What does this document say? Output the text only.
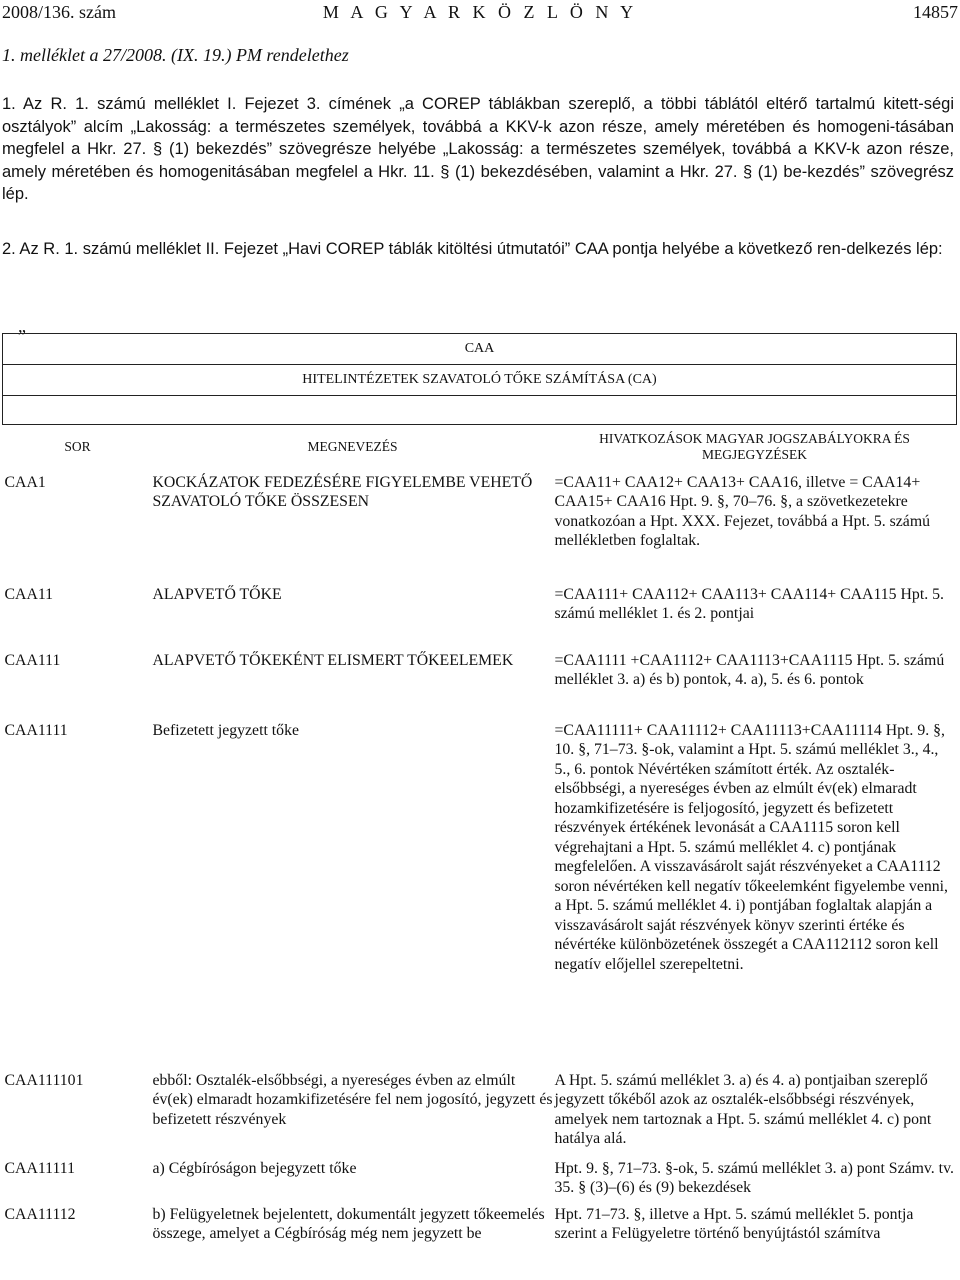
2008/136. szám	M A G Y A R K Ö Z L Ö N Y	14857
1. melléklet a 27/2008. (IX. 19.) PM rendelethez
1. Az R. 1. számú melléklet I. Fejezet 3. címének „a COREP táblákban szereplő, a többi táblától eltérő tartalmú kitett-ségi osztályok” alcím „Lakosság: a természetes személyek, továbbá a KKV-k azon része, amely méretében és homogeni-tásában megfelel a Hkr. 27. § (1) bekezdés” szövegrésze helyébe „Lakosság: a természetes személyek, továbbá a KKV-k azon része, amely méretében és homogenitásában megfelel a Hkr. 11. § (1) bekezdésében, valamint a Hkr. 27. § (1) be-kezdés” szövegrész lép.
2. Az R. 1. számú melléklet II. Fejezet „Havi COREP táblák kitöltési útmutatói” CAA pontja helyébe a következő ren-delkezés lép:
„
CAA		
HITELINTÉZETEK SZAVATOLÓ TŐKE SZÁMÍTÁSA (CA)		

SOR	MEGNEVEZÉS	HIVATKOZÁSOK MAGYAR JOGSZABÁLYOKRA ÉS MEGJEGYZÉSEK
CAA1	KOCKÁZATOK FEDEZÉSÉRE FIGYELEMBE VEHETŐ SZAVATOLÓ TŐKE ÖSSZESEN	=CAA11+ CAA12+ CAA13+ CAA16, illetve = CAA14+ CAA15+ CAA16 Hpt. 9. §, 70–76. §, a szövetkezetekre vonatkozóan a Hpt. XXX. Fejezet, továbbá a Hpt. 5. számú mellékletben foglaltak.
CAA11	ALAPVETŐ TŐKE	=CAA111+ CAA112+ CAA113+ CAA114+ CAA115 Hpt. 5. számú melléklet 1. és 2. pontjai
CAA111	ALAPVETŐ TŐKEKÉNT ELISMERT TŐKEELEMEK	=CAA1111 +CAA1112+ CAA1113+CAA1115 Hpt. 5. számú melléklet 3. a) és b) pontok, 4. a), 5. és 6. pontok
CAA1111	Befizetett jegyzett tőke	=CAA11111+ CAA11112+ CAA11113+CAA11114 Hpt. 9. §, 10. §, 71–73. §-ok, valamint a Hpt. 5. számú melléklet 3., 4., 5., 6. pontok Névértéken számított érték. Az osztalék-elsőbbségi, a nyereséges évben az elmúlt év(ek) elmaradt hozamkifizetésére is feljogosító, jegyzett és befizetett részvények értékének levonását a CAA1115 soron kell végrehajtani a Hpt. 5. számú melléklet 4. c) pontjának megfelelően. A visszavásárolt saját részvényeket a CAA1112 soron névértéken kell negatív tőkeelemként figyelembe venni, a Hpt. 5. számú melléklet 4. i) pontjában foglaltak alapján a visszavásárolt saját részvények könyv szerinti értéke és névértéke különbözetének összegét a CAA112112 soron kell negatív előjellel szerepeltetni.
CAA111101	ebből: Osztalék-elsőbbségi, a nyereséges évben az elmúlt év(ek) elmaradt hozamkifizetésére fel nem jogosító, jegyzett és befizetett részvények	A Hpt. 5. számú melléklet 3. a) és 4. a) pontjaiban szereplő jegyzett tőkéből azok az osztalék-elsőbbségi részvények, amelyek nem tartoznak a Hpt. 5. számú melléklet 4. c) pont hatálya alá.
CAA11111	a) Cégbíróságon bejegyzett tőke	Hpt. 9. §, 71–73. §-ok, 5. számú melléklet 3. a) pont Számv. tv. 35. § (3)–(6) és (9) bekezdések
CAA11112	b) Felügyeletnek bejelentett, dokumentált jegyzett tőkeemelés összege, amelyet a Cégbíróság még nem jegyzett be	Hpt. 71–73. §, illetve a Hpt. 5. számú melléklet 5. pontja szerint a Felügyeletre történő benyújtástól számítva
